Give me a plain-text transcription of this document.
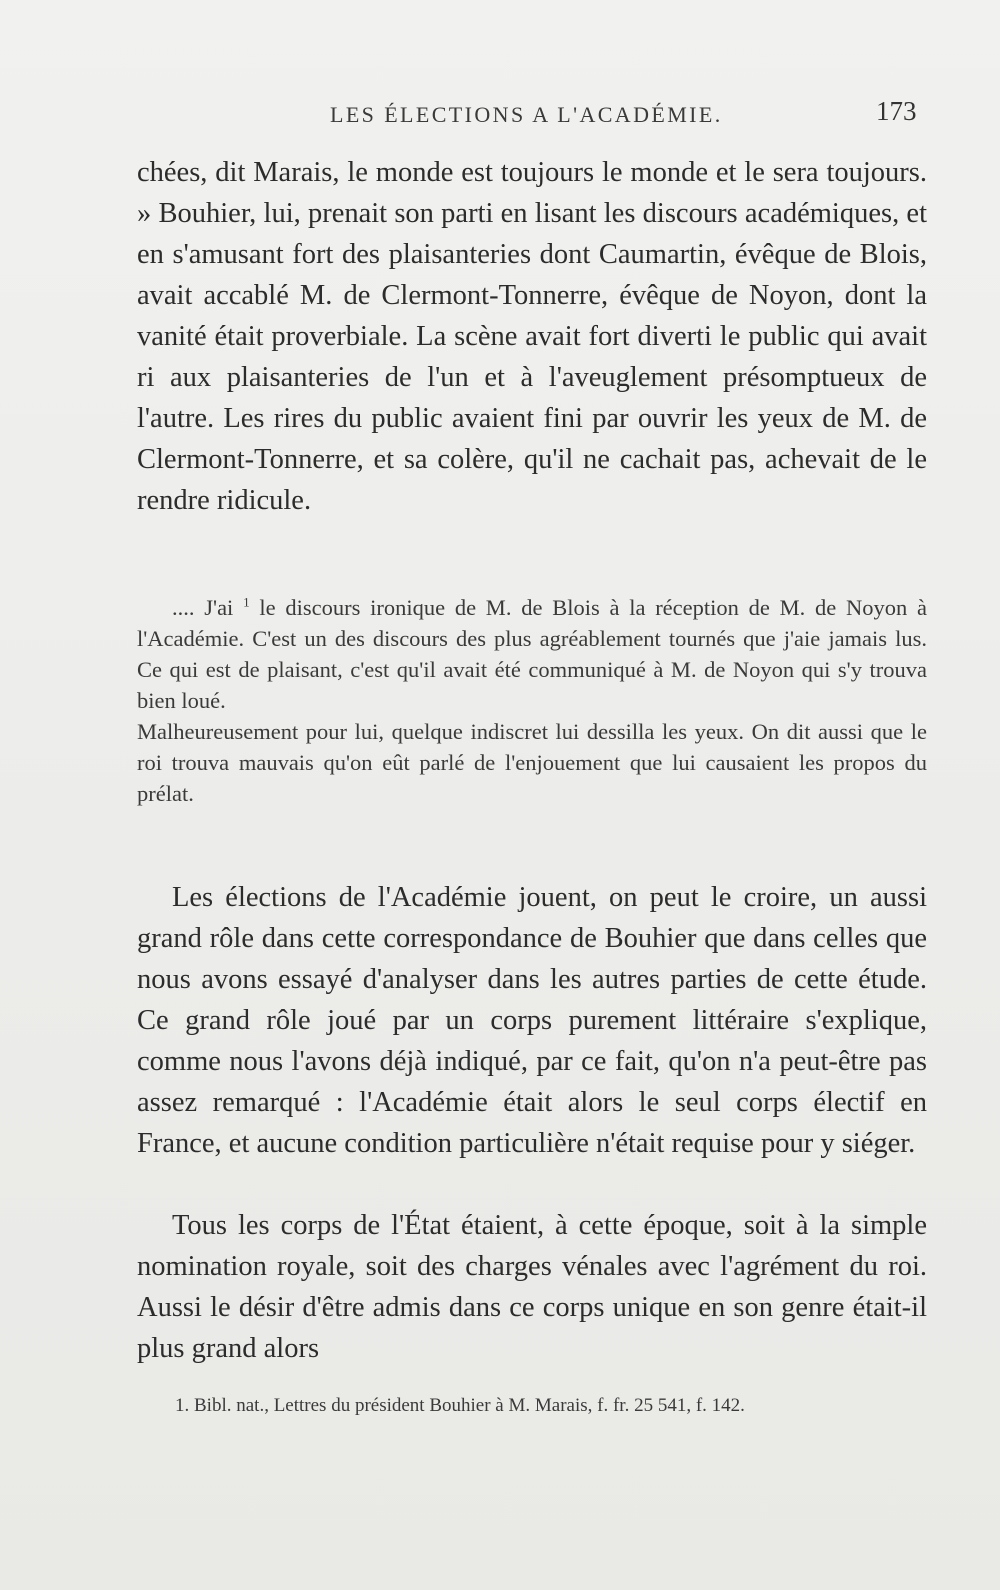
LES ÉLECTIONS A L'ACADÉMIE.	173

chées, dit Marais, le monde est toujours le monde et le sera toujours. » Bouhier, lui, prenait son parti en lisant les discours académiques, et en s'amusant fort des plaisanteries dont Caumartin, évêque de Blois, avait accablé M. de Clermont-Tonnerre, évêque de Noyon, dont la vanité était proverbiale. La scène avait fort diverti le public qui avait ri aux plaisanteries de l'un et à l'aveuglement présomptueux de l'autre. Les rires du public avaient fini par ouvrir les yeux de M. de Clermont-Tonnerre, et sa colère, qu'il ne cachait pas, achevait de le rendre ridicule.

.... J'ai $^1$ le discours ironique de M. de Blois à la réception de M. de Noyon à l'Académie. C'est un des discours des plus agréablement tournés que j'aie jamais lus. Ce qui est de plaisant, c'est qu'il avait été communiqué à M. de Noyon qui s'y trouva bien loué.

Malheureusement pour lui, quelque indiscret lui dessilla les yeux. On dit aussi que le roi trouva mauvais qu'on eût parlé de l'enjouement que lui causaient les propos du prélat.

Les élections de l'Académie jouent, on peut le croire, un aussi grand rôle dans cette correspondance de Bouhier que dans celles que nous avons essayé d'analyser dans les autres parties de cette étude. Ce grand rôle joué par un corps purement littéraire s'explique, comme nous l'avons déjà indiqué, par ce fait, qu'on n'a peut-être pas assez remarqué : l'Académie était alors le seul corps électif en France, et aucune condition particulière n'était requise pour y siéger.

Tous les corps de l'État étaient, à cette époque, soit à la simple nomination royale, soit des charges vénales avec l'agrément du roi. Aussi le désir d'être admis dans ce corps unique en son genre était-il plus grand alors

1. Bibl. nat., Lettres du président Bouhier à M. Marais, f. fr. 25 541, f. 142.
